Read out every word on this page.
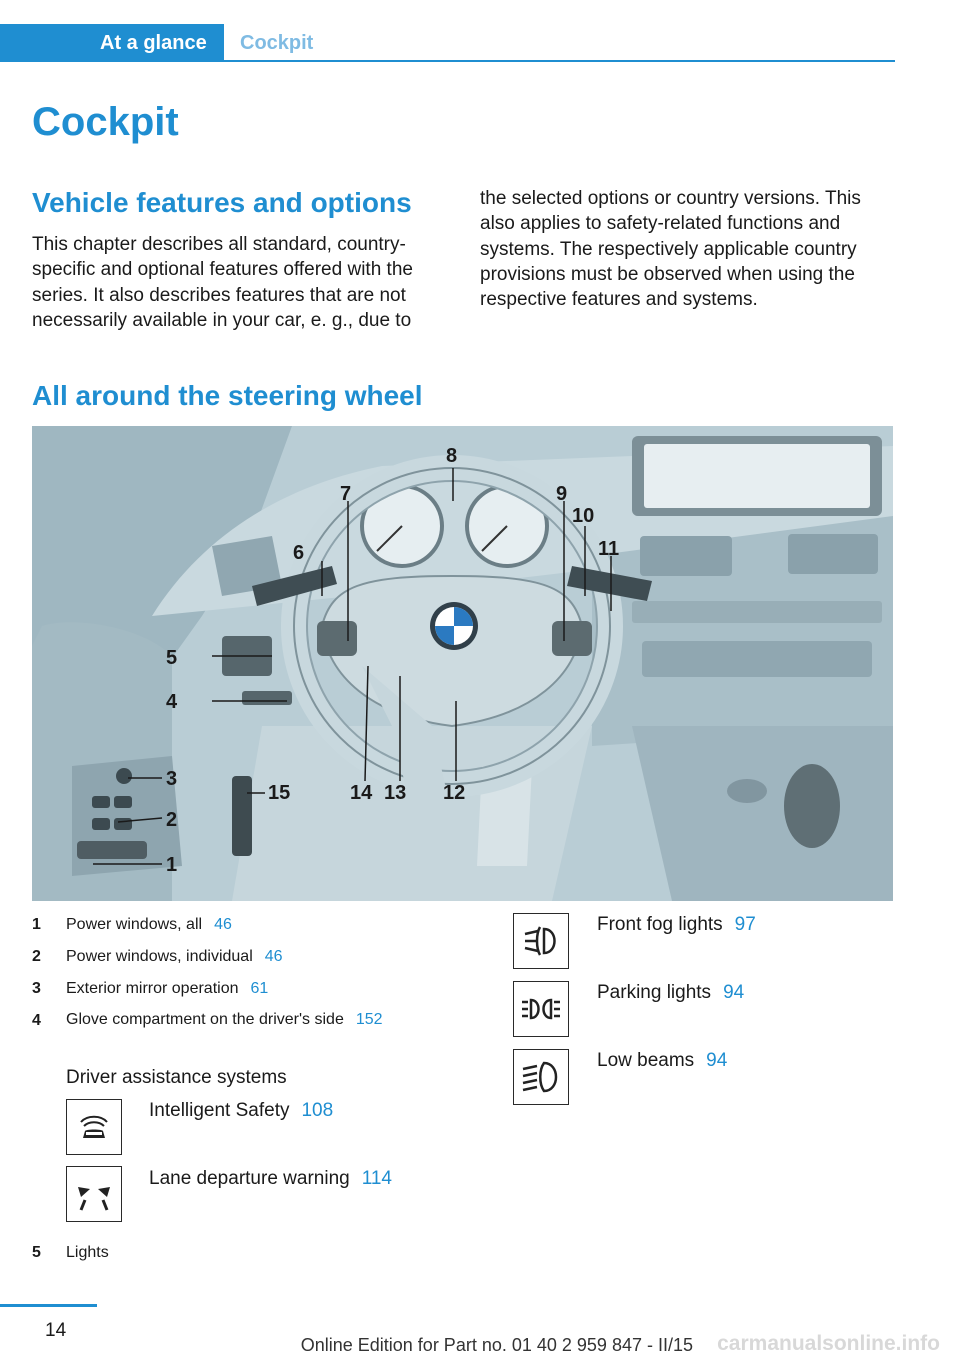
At a glance	Cockpit
Cockpit
Vehicle features and options

This chapter describes all standard, country-specific and optional features offered with the series. It also describes features that are not necessarily available in your car, e. g., due to

the selected options or country versions. This also applies to safety-related functions and systems. The respectively applicable country provisions must be observed when using the respective features and systems.

All around the steering wheel
1
2
3
4
5
6
7
8
9
10
11
12
13
14
15
1 Power windows, all 46
2 Power windows, individual 46
3 Exterior mirror operation 61
4 Glove compartment on the driver's side 152
Driver assistance systems
Intelligent Safety 108
Lane departure warning 114
5 Lights
Front fog lights 97
Parking lights 94
Low beams 94
14
Online Edition for Part no. 01 40 2 959 847 - II/15 carmanualsonline.info
